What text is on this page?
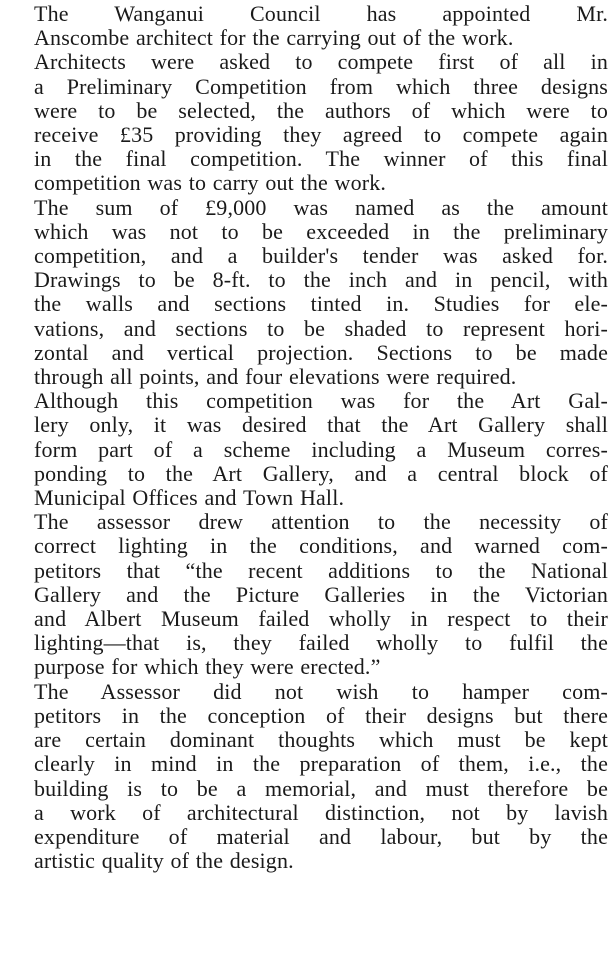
The Wanganui Council has appointed Mr.
Anscombe architect for the carrying out of the work.

Architects were asked to compete first of all in
a Preliminary Competition from which three designs
were to be selected, the authors of which were to
receive £35 providing they agreed to compete again
in the final competition. The winner of this final
competition was to carry out the work.

The sum of £9,000 was named as the amount
which was not to be exceeded in the preliminary
competition, and a builder's tender was asked for.
Drawings to be 8-ft. to the inch and in pencil, with
the walls and sections tinted in. Studies for ele-
vations, and sections to be shaded to represent hori-
zontal and vertical projection. Sections to be made
through all points, and four elevations were required.

Although this competition was for the Art Gal-
lery only, it was desired that the Art Gallery shall
form part of a scheme including a Museum corres-
ponding to the Art Gallery, and a central block of
Municipal Offices and Town Hall.

The assessor drew attention to the necessity of
correct lighting in the conditions, and warned com-
petitors that “the recent additions to the National
Gallery and the Picture Galleries in the Victorian
and Albert Museum failed wholly in respect to their
lighting—that is, they failed wholly to fulfil the
purpose for which they were erected.”

The Assessor did not wish to hamper com-
petitors in the conception of their designs but there
are certain dominant thoughts which must be kept
clearly in mind in the preparation of them, i.e., the
building is to be a memorial, and must therefore be
a work of architectural distinction, not by lavish
expenditure of material and labour, but by the
artistic quality of the design.
